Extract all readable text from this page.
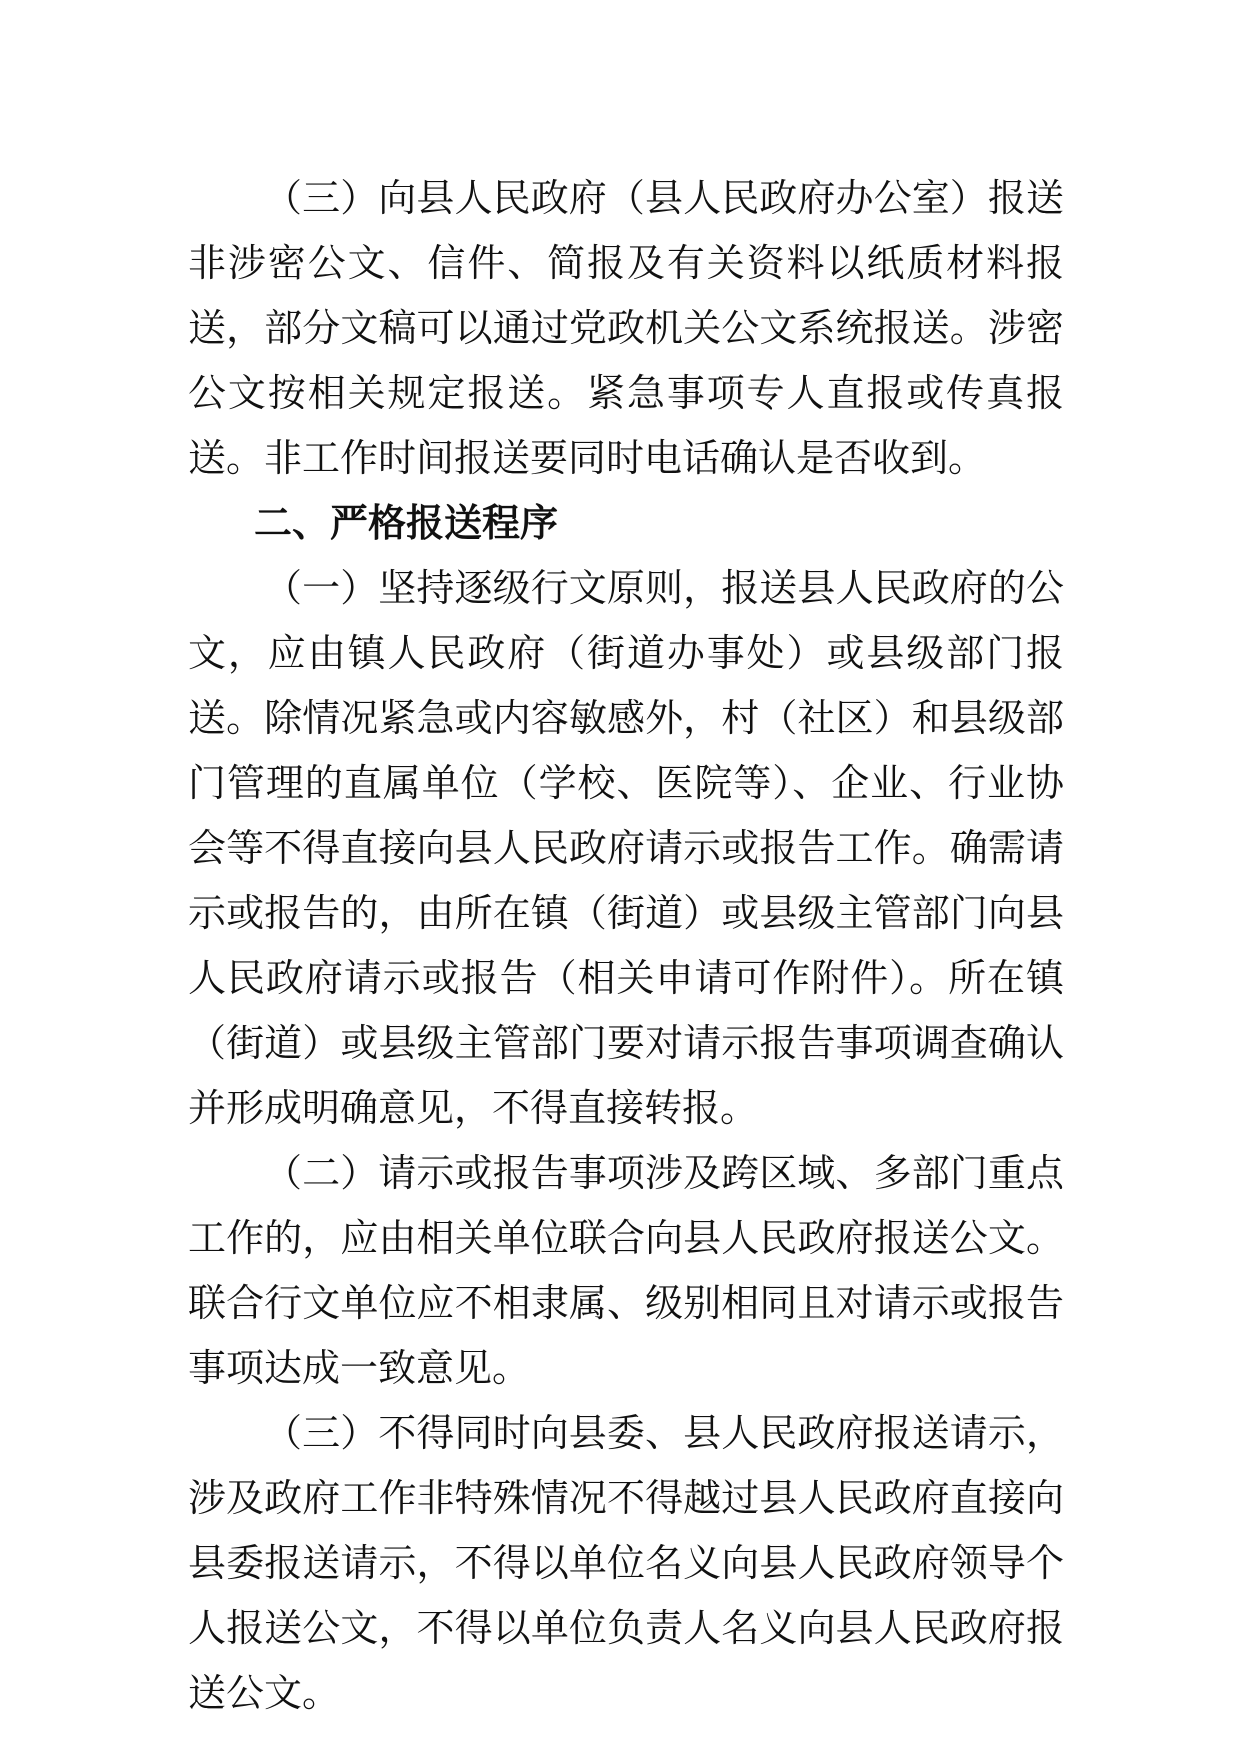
（三）向县人民政府（县人民政府办公室）报送非涉密公文、信件、简报及有关资料以纸质材料报送，部分文稿可以通过党政机关公文系统报送。涉密公文按相关规定报送。紧急事项专人直报或传真报送。非工作时间报送要同时电话确认是否收到。

二、严格报送程序

（一）坚持逐级行文原则，报送县人民政府的公文，应由镇人民政府（街道办事处）或县级部门报送。除情况紧急或内容敏感外，村（社区）和县级部门管理的直属单位（学校、医院等）、企业、行业协会等不得直接向县人民政府请示或报告工作。确需请示或报告的，由所在镇（街道）或县级主管部门向县人民政府请示或报告（相关申请可作附件）。所在镇（街道）或县级主管部门要对请示报告事项调查确认并形成明确意见，不得直接转报。

（二）请示或报告事项涉及跨区域、多部门重点工作的，应由相关单位联合向县人民政府报送公文。联合行文单位应不相隶属、级别相同且对请示或报告事项达成一致意见。

（三）不得同时向县委、县人民政府报送请示，涉及政府工作非特殊情况不得越过县人民政府直接向县委报送请示，不得以单位名义向县人民政府领导个人报送公文，不得以单位负责人名义向县人民政府报送公文。
